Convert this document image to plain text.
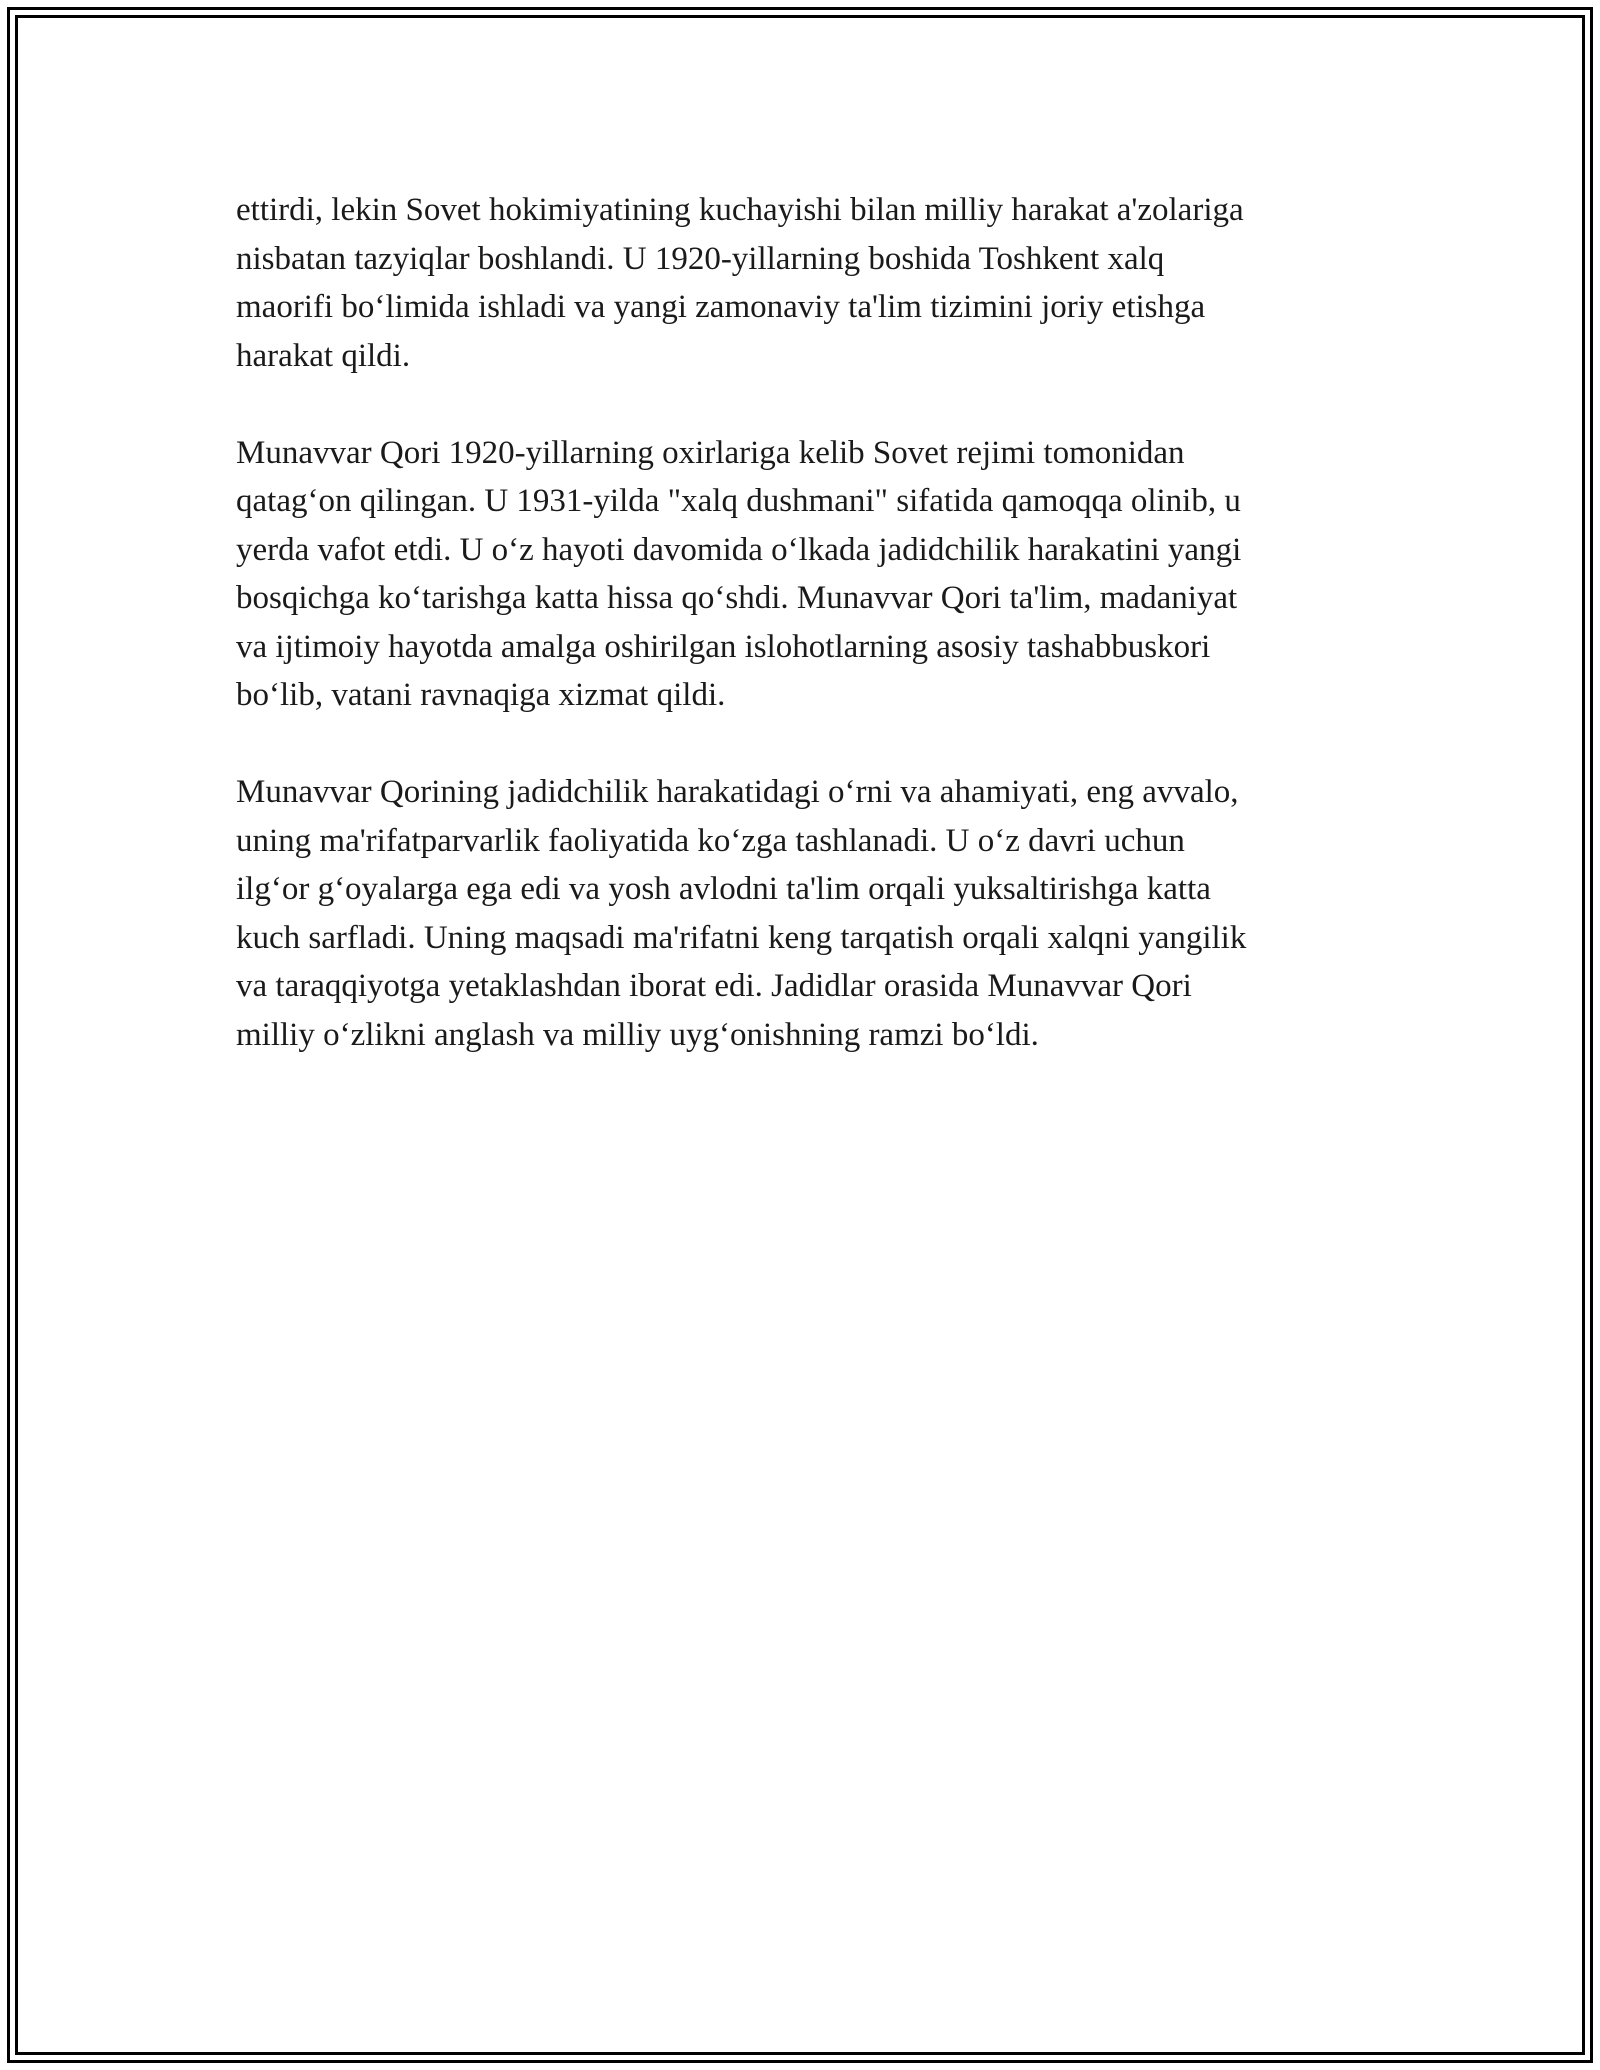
ettirdi, lekin Sovet hokimiyatining kuchayishi bilan milliy harakat a'zolariga
nisbatan tazyiqlar boshlandi. U 1920-yillarning boshida Toshkent xalq
maorifi bo‘limida ishladi va yangi zamonaviy ta'lim tizimini joriy etishga
harakat qildi.

Munavvar Qori 1920-yillarning oxirlariga kelib Sovet rejimi tomonidan
qatag‘on qilingan. U 1931-yilda "xalq dushmani" sifatida qamoqqa olinib, u
yerda vafot etdi. U o‘z hayoti davomida o‘lkada jadidchilik harakatini yangi
bosqichga ko‘tarishga katta hissa qo‘shdi. Munavvar Qori ta'lim, madaniyat
va ijtimoiy hayotda amalga oshirilgan islohotlarning asosiy tashabbuskori
bo‘lib, vatani ravnaqiga xizmat qildi.

Munavvar Qorining jadidchilik harakatidagi o‘rni va ahamiyati, eng avvalo,
uning ma'rifatparvarlik faoliyatida ko‘zga tashlanadi. U o‘z davri uchun
ilg‘or g‘oyalarga ega edi va yosh avlodni ta'lim orqali yuksaltirishga katta
kuch sarfladi. Uning maqsadi ma'rifatni keng tarqatish orqali xalqni yangilik
va taraqqiyotga yetaklashdan iborat edi. Jadidlar orasida Munavvar Qori
milliy o‘zlikni anglash va milliy uyg‘onishning ramzi bo‘ldi.
